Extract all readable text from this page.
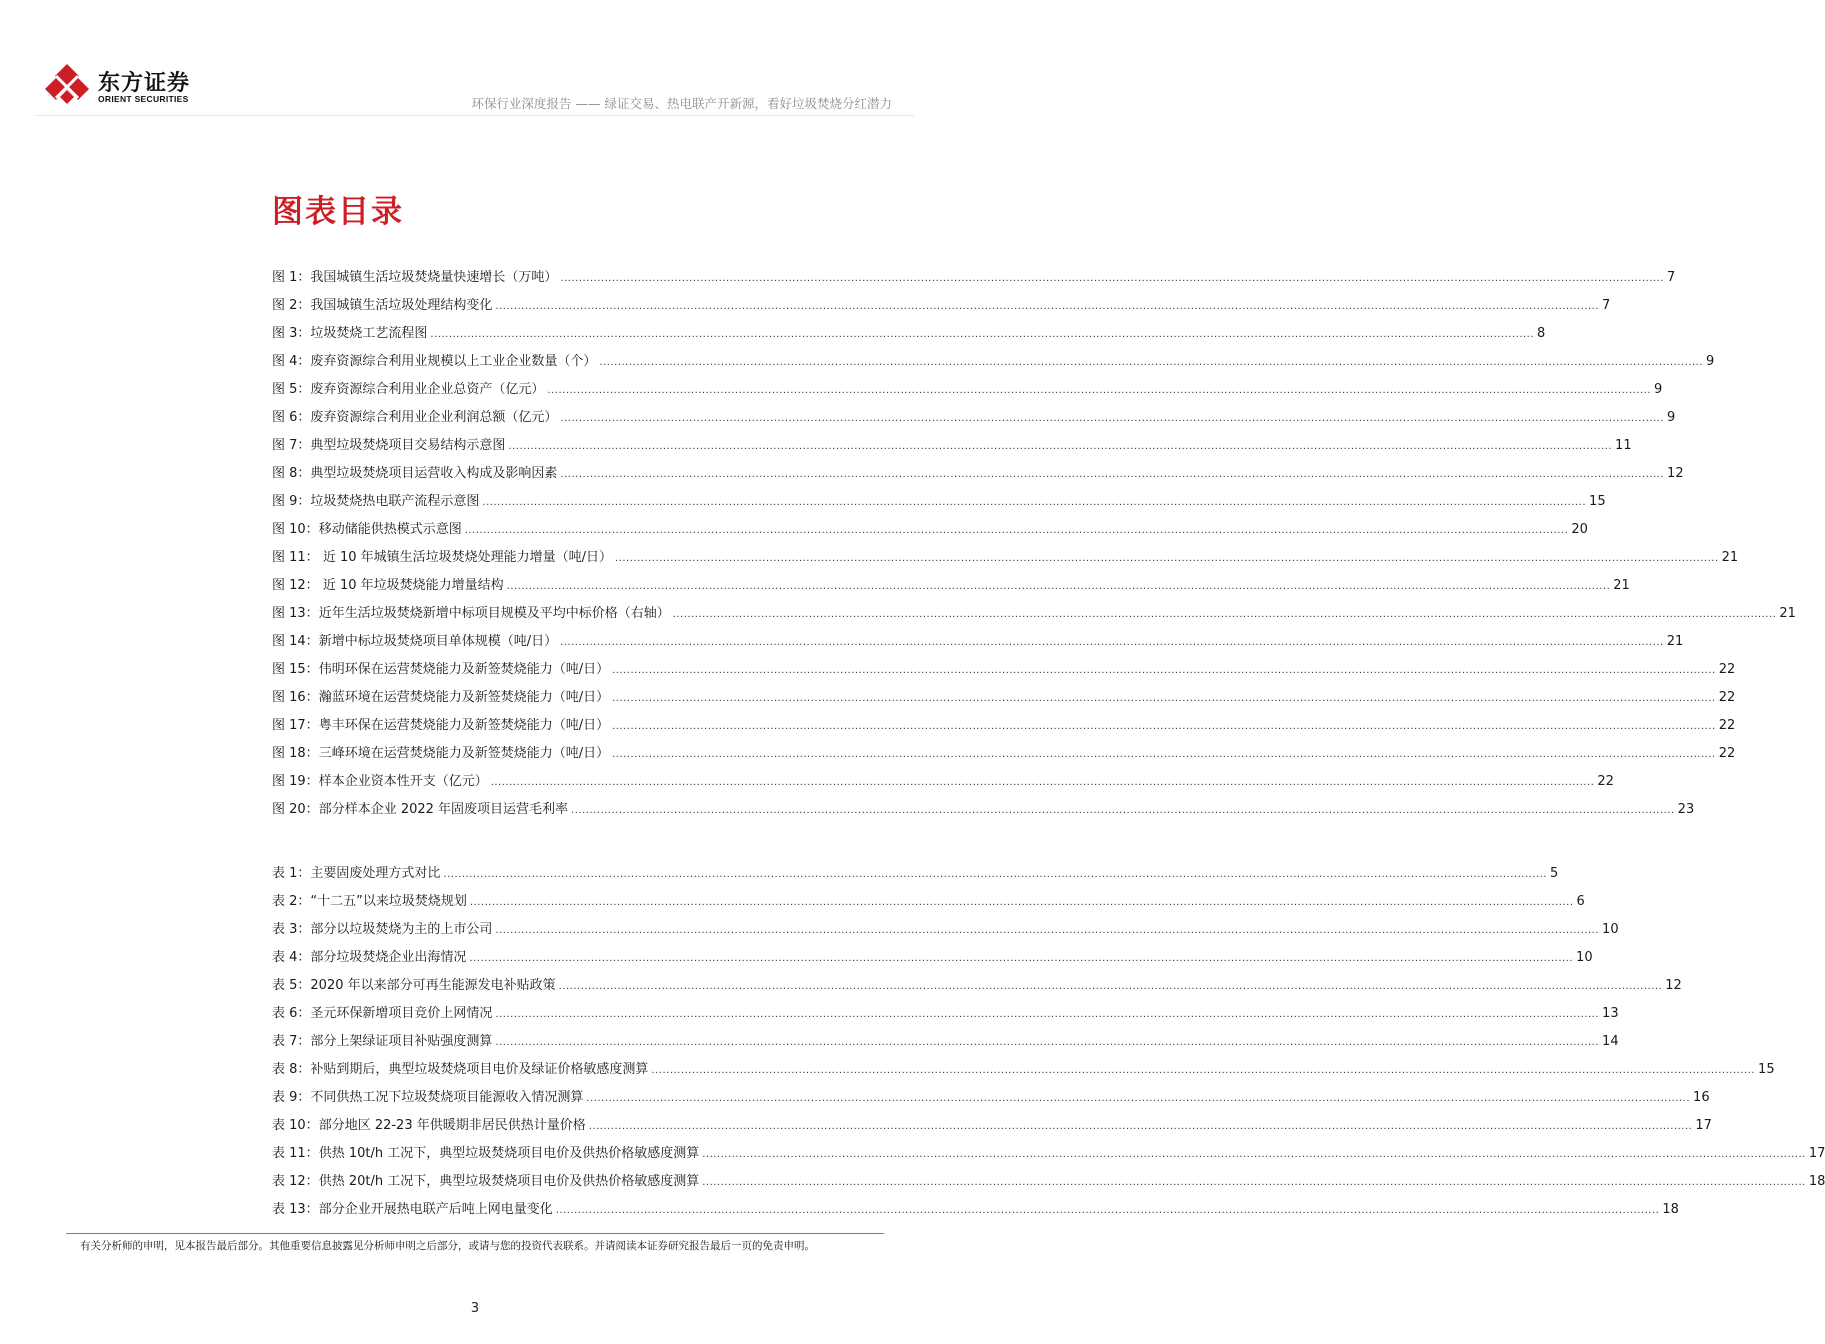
东方证券
ORIENT SECURITIES	环保行业深度报告 —— 绿证交易、热电联产开新源，看好垃圾焚烧分红潜力
图表目录
图 1： 我国城镇生活垃圾焚烧量快速增长（万吨） ............................................................................................................................................................................................................................................................................................................ 7
图 2： 我国城镇生活垃圾处理结构变化 ............................................................................................................................................................................................................................................................................................................ 7
图 3： 垃圾焚烧工艺流程图 ............................................................................................................................................................................................................................................................................................................ 8
图 4： 废弃资源综合利用业规模以上工业企业数量（个） ............................................................................................................................................................................................................................................................................................................ 9
图 5： 废弃资源综合利用业企业总资产（亿元） ............................................................................................................................................................................................................................................................................................................ 9
图 6： 废弃资源综合利用业企业利润总额（亿元） ............................................................................................................................................................................................................................................................................................................ 9
图 7： 典型垃圾焚烧项目交易结构示意图 ............................................................................................................................................................................................................................................................................................................ 11
图 8： 典型垃圾焚烧项目运营收入构成及影响因素 ............................................................................................................................................................................................................................................................................................................ 12
图 9： 垃圾焚烧热电联产流程示意图 ............................................................................................................................................................................................................................................................................................................ 15
图 10： 移动储能供热模式示意图 ............................................................................................................................................................................................................................................................................................................ 20
图 11： 近 10 年城镇生活垃圾焚烧处理能力增量（吨/日） ............................................................................................................................................................................................................................................................................................................ 21
图 12： 近 10 年垃圾焚烧能力增量结构 ............................................................................................................................................................................................................................................................................................................ 21
图 13： 近年生活垃圾焚烧新增中标项目规模及平均中标价格（右轴） ............................................................................................................................................................................................................................................................................................................ 21
图 14： 新增中标垃圾焚烧项目单体规模（吨/日） ............................................................................................................................................................................................................................................................................................................ 21
图 15： 伟明环保在运营焚烧能力及新签焚烧能力（吨/日） ............................................................................................................................................................................................................................................................................................................ 22
图 16： 瀚蓝环境在运营焚烧能力及新签焚烧能力（吨/日） ............................................................................................................................................................................................................................................................................................................ 22
图 17： 粤丰环保在运营焚烧能力及新签焚烧能力（吨/日） ............................................................................................................................................................................................................................................................................................................ 22
图 18： 三峰环境在运营焚烧能力及新签焚烧能力（吨/日） ............................................................................................................................................................................................................................................................................................................ 22
图 19： 样本企业资本性开支（亿元） ............................................................................................................................................................................................................................................................................................................ 22
图 20： 部分样本企业 2022 年固废项目运营毛利率 ............................................................................................................................................................................................................................................................................................................ 23
表 1： 主要固废处理方式对比 ............................................................................................................................................................................................................................................................................................................ 5
表 2： “十二五”以来垃圾焚烧规划 ............................................................................................................................................................................................................................................................................................................ 6
表 3： 部分以垃圾焚烧为主的上市公司 ............................................................................................................................................................................................................................................................................................................ 10
表 4： 部分垃圾焚烧企业出海情况 ............................................................................................................................................................................................................................................................................................................ 10
表 5： 2020 年以来部分可再生能源发电补贴政策 ............................................................................................................................................................................................................................................................................................................ 12
表 6： 圣元环保新增项目竞价上网情况 ............................................................................................................................................................................................................................................................................................................ 13
表 7： 部分上架绿证项目补贴强度测算 ............................................................................................................................................................................................................................................................................................................ 14
表 8： 补贴到期后，典型垃圾焚烧项目电价及绿证价格敏感度测算 ............................................................................................................................................................................................................................................................................................................ 15
表 9： 不同供热工况下垃圾焚烧项目能源收入情况测算 ............................................................................................................................................................................................................................................................................................................ 16
表 10： 部分地区 22-23 年供暖期非居民供热计量价格 ............................................................................................................................................................................................................................................................................................................ 17
表 11： 供热 10t/h 工况下，典型垃圾焚烧项目电价及供热价格敏感度测算 ............................................................................................................................................................................................................................................................................................................ 17
表 12： 供热 20t/h 工况下，典型垃圾焚烧项目电价及供热价格敏感度测算 ............................................................................................................................................................................................................................................................................................................ 18
表 13： 部分企业开展热电联产后吨上网电量变化 ............................................................................................................................................................................................................................................................................................................ 18
有关分析师的申明，见本报告最后部分。其他重要信息披露见分析师申明之后部分，或请与您的投资代表联系。并请阅读本证券研究报告最后一页的免责申明。
3
